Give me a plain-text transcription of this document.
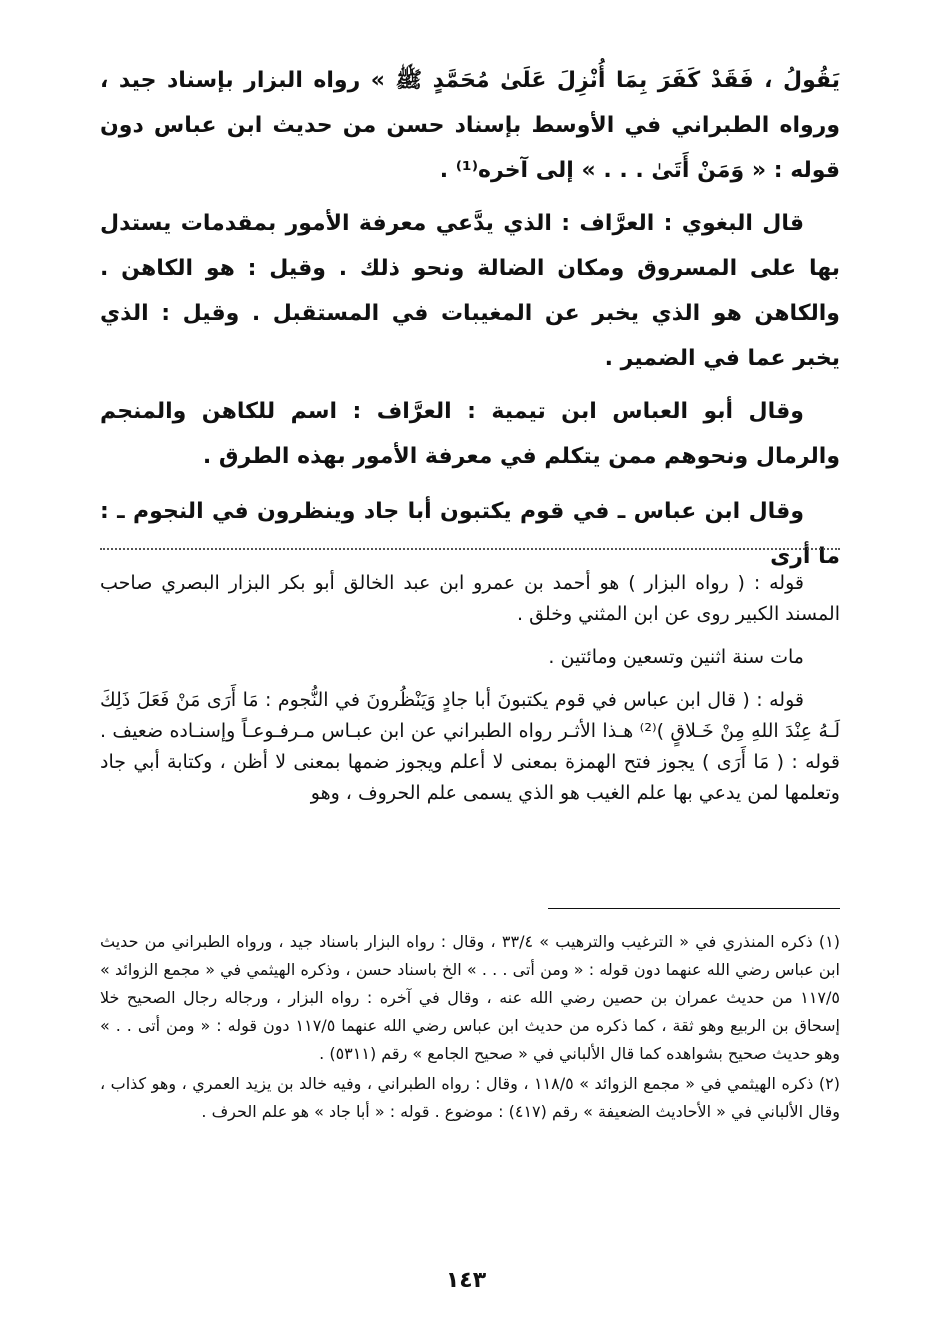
يَقُولُ ، فَقَدْ كَفَرَ بِمَا أُنْزِلَ عَلَىٰ مُحَمَّدٍ ﷺ » رواه البزار بإسناد جيد ، ورواه الطبراني في الأوسط بإسناد حسن من حديث ابن عباس دون قوله : « وَمَنْ أَتَىٰ . . . » إلى آخره⁽¹⁾ .

قال البغوي : العرَّاف : الذي يدَّعي معرفة الأمور بمقدمات يستدل بها على المسروق ومكان الضالة ونحو ذلك . وقيل : هو الكاهن . والكاهن هو الذي يخبر عن المغيبات في المستقبل . وقيل : الذي يخبر عما في الضمير .

وقال أبو العباس ابن تيمية : العرَّاف : اسم للكاهن والمنجم والرمال ونحوهم ممن يتكلم في معرفة الأمور بهذه الطرق .

وقال ابن عباس ـ في قوم يكتبون أبا جاد وينظرون في النجوم ـ : ما أرى

قوله : ( رواه البزار ) هو أحمد بن عمرو ابن عبد الخالق أبو بكر البزار البصري صاحب المسند الكبير روى عن ابن المثني وخلق .

مات سنة اثنين وتسعين ومائتين .

قوله : ( قال ابن عباس في قوم يكتبونَ أبا جادٍ وَيَنْظُرونَ في النُّجوم : مَا أَرَى مَنْ فَعَلَ ذَلِكَ لَـهُ عِنْدَ اللهِ مِنْ خَـلاقٍ )⁽²⁾ هـذا الأثـر رواه الطبراني عن ابن عبـاس مـرفـوعـاً وإسنـاده ضعيف . قوله : ( مَا أَرَى ) يجوز فتح الهمزة بمعنى لا أعلم ويجوز ضمها بمعنى لا أظن ، وكتابة أبي جاد وتعلمها لمن يدعي بها علم الغيب هو الذي يسمى علم الحروف ، وهو

(١) ذكره المنذري في « الترغيب والترهيب » ٣٣/٤ ، وقال : رواه البزار باسناد جيد ، ورواه الطبراني من حديث ابن عباس رضي الله عنهما دون قوله : « ومن أتى . . . » الخ باسناد حسن ، وذكره الهيثمي في « مجمع الزوائد » ١١٧/٥ من حديث عمران بن حصين رضي الله عنه ، وقال في آخره : رواه البزار ، ورجاله رجال الصحيح خلا إسحاق بن الربيع وهو ثقة ، كما ذكره من حديث ابن عباس رضي الله عنهما ١١٧/٥ دون قوله : « ومن أتى . . » وهو حديث صحيح بشواهده كما قال الألباني في « صحيح الجامع » رقم (٥٣١١) .

(٢) ذكره الهيثمي في « مجمع الزوائد » ١١٨/٥ ، وقال : رواه الطبراني ، وفيه خالد بن يزيد العمري ، وهو كذاب ، وقال الألباني في « الأحاديث الضعيفة » رقم (٤١٧) : موضوع . قوله : « أبا جاد » هو علم الحرف .

١٤٣
